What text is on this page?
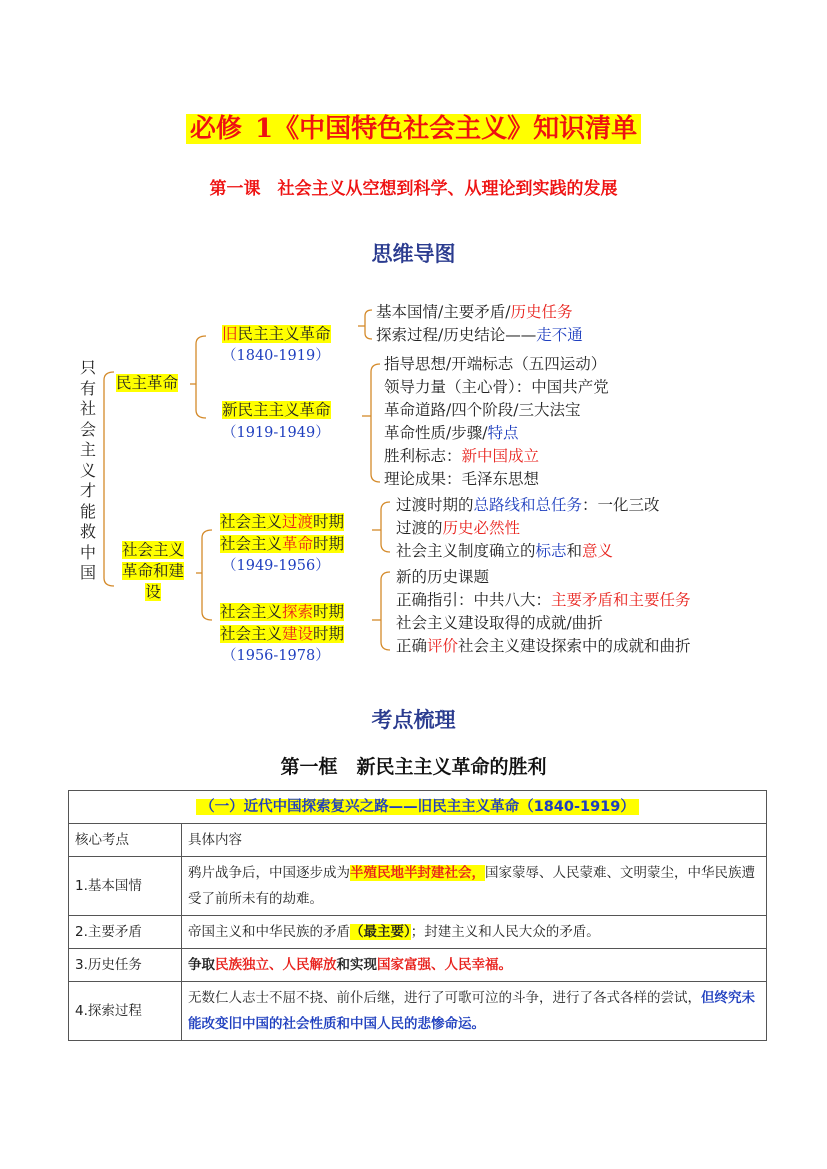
必修 1《中国特色社会主义》知识清单
第一课　社会主义从空想到科学、从理论到实践的发展
思维导图
只有社会主义才能救中国
民主革命
社会主义
革命和建
设
旧民主主义革命
（1840-1919）
新民主主义革命
（1919-1949）
社会主义过渡时期
社会主义革命时期
（1949-1956）
社会主义探索时期
社会主义建设时期
（1956-1978）
基本国情/主要矛盾/历史任务
探索过程/历史结论——走不通
指导思想/开端标志（五四运动）
领导力量（主心骨）：中国共产党
革命道路/四个阶段/三大法宝
革命性质/步骤/特点
胜利标志：新中国成立
理论成果：毛泽东思想
过渡时期的总路线和总任务：一化三改
过渡的历史必然性
社会主义制度确立的标志和意义
新的历史课题
正确指引：中共八大：主要矛盾和主要任务
社会主义建设取得的成就/曲折
正确评价社会主义建设探索中的成就和曲折
考点梳理
第一框　新民主主义革命的胜利
（一）近代中国探索复兴之路——旧民主主义革命（1840-1919）	
核心考点	具体内容
1.基本国情	鸦片战争后，中国逐步成为半殖民地半封建社会，国家蒙辱、人民蒙难、文明蒙尘，中华民族遭受了前所未有的劫难。
2.主要矛盾	帝国主义和中华民族的矛盾（最主要）；封建主义和人民大众的矛盾。
3.历史任务	争取民族独立、人民解放和实现国家富强、人民幸福。
4.探索过程	无数仁人志士不屈不挠、前仆后继，进行了可歌可泣的斗争，进行了各式各样的尝试，但终究未能改变旧中国的社会性质和中国人民的悲惨命运。
